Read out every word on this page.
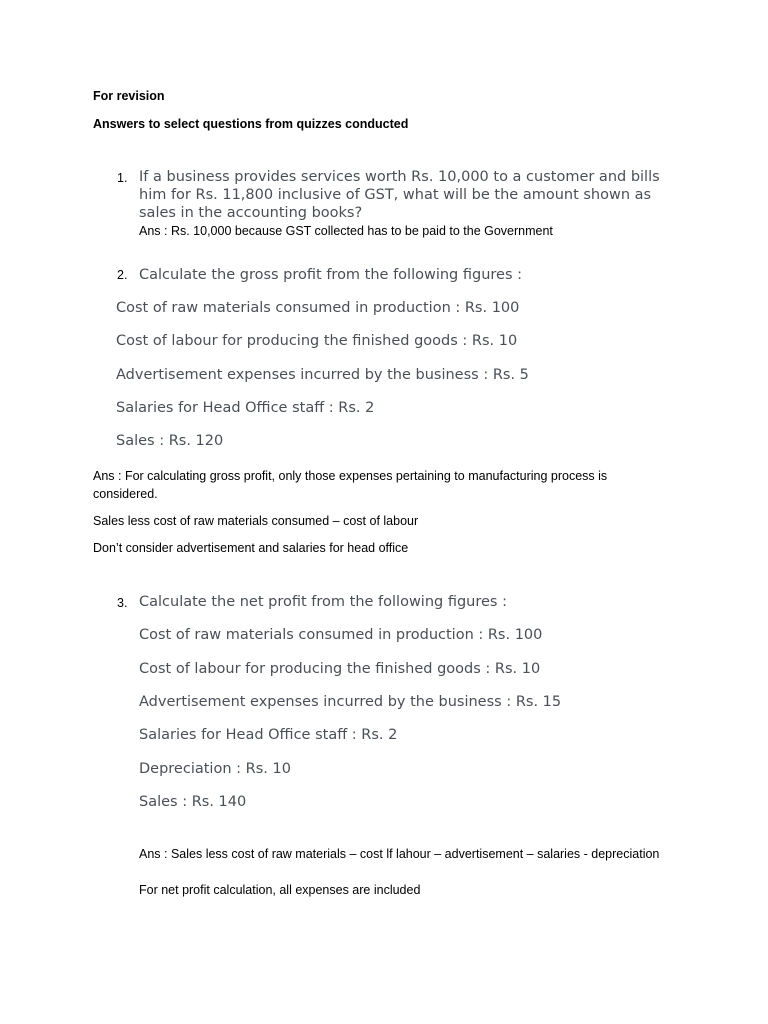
For revision
Answers to select questions from quizzes conducted
1. If a business provides services worth Rs. 10,000 to a customer and bills him for Rs. 11,800 inclusive of GST, what will be the amount shown as sales in the accounting books?
Ans : Rs. 10,000 because GST collected has to be paid to the Government
2. Calculate the gross profit from the following figures :
Cost of raw materials consumed in production : Rs. 100
Cost of labour for producing the finished goods : Rs. 10
Advertisement expenses incurred by the business : Rs. 5
Salaries for Head Office staff : Rs. 2
Sales : Rs. 120
Ans : For calculating gross profit, only those expenses pertaining to manufacturing process is considered.
Sales less cost of raw materials consumed – cost of labour
Don’t consider advertisement and salaries for head office
3. Calculate the net profit from the following figures :
Cost of raw materials consumed in production : Rs. 100
Cost of labour for producing the finished goods : Rs. 10
Advertisement expenses incurred by the business : Rs. 15
Salaries for Head Office staff : Rs. 2
Depreciation : Rs. 10
Sales : Rs. 140
Ans : Sales less cost of raw materials – cost lf lahour – advertisement – salaries - depreciation
For net profit calculation, all expenses are included
